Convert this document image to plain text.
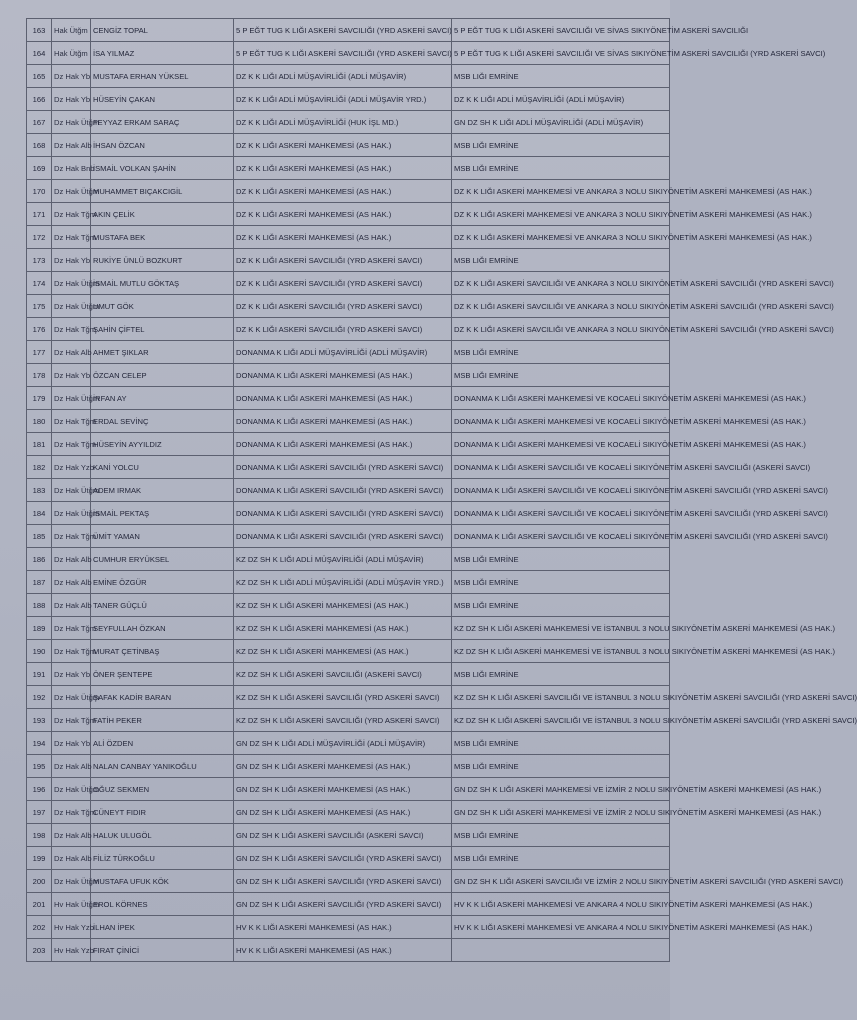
163	Hak Ütğm	CENGİZ TOPAL	5 P EĞT TUG K LIĞI ASKERİ SAVCILIĞI (YRD ASKERİ SAVCI)	5 P EĞT TUG K LIĞI ASKERİ SAVCILIĞI VE SİVAS SIKIYÖNETİM ASKERİ SAVCILIĞI
164	Hak Ütğm	İSA YILMAZ	5 P EĞT TUG K LIĞI ASKERİ SAVCILIĞI (YRD ASKERİ SAVCI)	5 P EĞT TUG K LIĞI ASKERİ SAVCILIĞI VE SİVAS SIKIYÖNETİM ASKERİ SAVCILIĞI (YRD ASKERİ SAVCI)
165	Dz Hak Yb	MUSTAFA ERHAN YÜKSEL	DZ K K LIĞI ADLİ MÜŞAVİRLİĞİ (ADLİ MÜŞAVİR)	MSB LIĞI EMRİNE
166	Dz Hak Yb	HÜSEYİN ÇAKAN	DZ K K LIĞI ADLİ MÜŞAVİRLİĞİ (ADLİ MÜŞAVİR YRD.)	DZ K K LIĞI ADLİ MÜŞAVİRLİĞİ (ADLİ MÜŞAVİR)
167	Dz Hak Ütğm	FEYYAZ ERKAM SARAÇ	DZ K K LIĞI ADLİ MÜŞAVİRLİĞİ (HUK İŞL MD.)	GN DZ SH K LIĞI ADLİ MÜŞAVİRLİĞİ (ADLİ MÜŞAVİR)
168	Dz Hak Alb	İHSAN ÖZCAN	DZ K K LIĞI ASKERİ MAHKEMESİ (AS HAK.)	MSB LIĞI EMRİNE
169	Dz Hak Bnb	İSMAİL VOLKAN ŞAHİN	DZ K K LIĞI ASKERİ MAHKEMESİ (AS HAK.)	MSB LIĞI EMRİNE
170	Dz Hak Ütğm	MUHAMMET BIÇAKCIGİL	DZ K K LIĞI ASKERİ MAHKEMESİ (AS HAK.)	DZ K K LIĞI ASKERİ MAHKEMESİ VE ANKARA 3 NOLU SIKIYÖNETİM ASKERİ MAHKEMESİ (AS HAK.)
171	Dz Hak Tğm	AKIN ÇELİK	DZ K K LIĞI ASKERİ MAHKEMESİ (AS HAK.)	DZ K K LIĞI ASKERİ MAHKEMESİ VE ANKARA 3 NOLU SIKIYÖNETİM ASKERİ MAHKEMESİ (AS HAK.)
172	Dz Hak Tğm	MUSTAFA BEK	DZ K K LIĞI ASKERİ MAHKEMESİ (AS HAK.)	DZ K K LIĞI ASKERİ MAHKEMESİ VE ANKARA 3 NOLU SIKIYÖNETİM ASKERİ MAHKEMESİ (AS HAK.)
173	Dz Hak Yb	RUKİYE ÜNLÜ BOZKURT	DZ K K LIĞI ASKERİ SAVCILIĞI (YRD ASKERİ SAVCI)	MSB LIĞI EMRİNE
174	Dz Hak Ütğm	İSMAİL MUTLU GÖKTAŞ	DZ K K LIĞI ASKERİ SAVCILIĞI (YRD ASKERİ SAVCI)	DZ K K LIĞI ASKERİ SAVCILIĞI VE ANKARA 3 NOLU SIKIYÖNETİM ASKERİ SAVCILIĞI (YRD ASKERİ SAVCI)
175	Dz Hak Ütğm	UMUT GÖK	DZ K K LIĞI ASKERİ SAVCILIĞI (YRD ASKERİ SAVCI)	DZ K K LIĞI ASKERİ SAVCILIĞI VE ANKARA 3 NOLU SIKIYÖNETİM ASKERİ SAVCILIĞI (YRD ASKERİ SAVCI)
176	Dz Hak Tğm	ŞAHİN ÇİFTEL	DZ K K LIĞI ASKERİ SAVCILIĞI (YRD ASKERİ SAVCI)	DZ K K LIĞI ASKERİ SAVCILIĞI VE ANKARA 3 NOLU SIKIYÖNETİM ASKERİ SAVCILIĞI (YRD ASKERİ SAVCI)
177	Dz Hak Alb	AHMET ŞIKLAR	DONANMA K LIĞI ADLİ MÜŞAVİRLİĞİ (ADLİ MÜŞAVİR)	MSB LIĞI EMRİNE
178	Dz Hak Yb	ÖZCAN CELEP	DONANMA K LIĞI ASKERİ MAHKEMESİ (AS HAK.)	MSB LIĞI EMRİNE
179	Dz Hak Ütğm	İRFAN AY	DONANMA K LIĞI ASKERİ MAHKEMESİ (AS HAK.)	DONANMA K LIĞI ASKERİ MAHKEMESİ VE KOCAELİ SIKIYÖNETİM ASKERİ MAHKEMESİ (AS HAK.)
180	Dz Hak Tğm	ERDAL SEVİNÇ	DONANMA K LIĞI ASKERİ MAHKEMESİ (AS HAK.)	DONANMA K LIĞI ASKERİ MAHKEMESİ VE KOCAELİ SIKIYÖNETİM ASKERİ MAHKEMESİ (AS HAK.)
181	Dz Hak Tğm	HÜSEYİN AYYILDIZ	DONANMA K LIĞI ASKERİ MAHKEMESİ (AS HAK.)	DONANMA K LIĞI ASKERİ MAHKEMESİ VE KOCAELİ SIKIYÖNETİM ASKERİ MAHKEMESİ (AS HAK.)
182	Dz Hak Yzb	KANİ YOLCU	DONANMA K LIĞI ASKERİ SAVCILIĞI (YRD ASKERİ SAVCI)	DONANMA K LIĞI ASKERİ SAVCILIĞI VE KOCAELİ SIKIYÖNETİM ASKERİ SAVCILIĞI (ASKERİ SAVCI)
183	Dz Hak Ütğm	ADEM IRMAK	DONANMA K LIĞI ASKERİ SAVCILIĞI (YRD ASKERİ SAVCI)	DONANMA K LIĞI ASKERİ SAVCILIĞI VE KOCAELİ SIKIYÖNETİM ASKERİ SAVCILIĞI (YRD ASKERİ SAVCI)
184	Dz Hak Ütğm	İSMAİL PEKTAŞ	DONANMA K LIĞI ASKERİ SAVCILIĞI (YRD ASKERİ SAVCI)	DONANMA K LIĞI ASKERİ SAVCILIĞI VE KOCAELİ SIKIYÖNETİM ASKERİ SAVCILIĞI (YRD ASKERİ SAVCI)
185	Dz Hak Tğm	ÜMİT YAMAN	DONANMA K LIĞI ASKERİ SAVCILIĞI (YRD ASKERİ SAVCI)	DONANMA K LIĞI ASKERİ SAVCILIĞI VE KOCAELİ SIKIYÖNETİM ASKERİ SAVCILIĞI (YRD ASKERİ SAVCI)
186	Dz Hak Alb	CUMHUR ERYÜKSEL	KZ DZ SH K LIĞI ADLİ MÜŞAVİRLİĞİ (ADLİ MÜŞAVİR)	MSB LIĞI EMRİNE
187	Dz Hak Alb	EMİNE ÖZGÜR	KZ DZ SH K LIĞI ADLİ MÜŞAVİRLİĞİ (ADLİ MÜŞAVİR YRD.)	MSB LIĞI EMRİNE
188	Dz Hak Alb	TANER GÜÇLÜ	KZ DZ SH K LIĞI ASKERİ MAHKEMESİ (AS HAK.)	MSB LIĞI EMRİNE
189	Dz Hak Tğm	SEYFULLAH ÖZKAN	KZ DZ SH K LIĞI ASKERİ MAHKEMESİ (AS HAK.)	KZ DZ SH K LIĞI ASKERİ MAHKEMESİ VE İSTANBUL 3 NOLU SIKIYÖNETİM ASKERİ MAHKEMESİ (AS HAK.)
190	Dz Hak Tğm	MURAT ÇETİNBAŞ	KZ DZ SH K LIĞI ASKERİ MAHKEMESİ (AS HAK.)	KZ DZ SH K LIĞI ASKERİ MAHKEMESİ VE İSTANBUL 3 NOLU SIKIYÖNETİM ASKERİ MAHKEMESİ (AS HAK.)
191	Dz Hak Yb	ÖNER ŞENTEPE	KZ DZ SH K LIĞI ASKERİ SAVCILIĞI (ASKERİ SAVCI)	MSB LIĞI EMRİNE
192	Dz Hak Ütğm	ŞAFAK KADİR BARAN	KZ DZ SH K LIĞI ASKERİ SAVCILIĞI (YRD ASKERİ SAVCI)	KZ DZ SH K LIĞI ASKERİ SAVCILIĞI VE İSTANBUL 3 NOLU SIKIYÖNETİM ASKERİ SAVCILIĞI (YRD ASKERİ SAVCI)
193	Dz Hak Tğm	FATİH PEKER	KZ DZ SH K LIĞI ASKERİ SAVCILIĞI (YRD ASKERİ SAVCI)	KZ DZ SH K LIĞI ASKERİ SAVCILIĞI VE İSTANBUL 3 NOLU SIKIYÖNETİM ASKERİ SAVCILIĞI (YRD ASKERİ SAVCI)
194	Dz Hak Yb	ALİ ÖZDEN	GN DZ SH K LIĞI ADLİ MÜŞAVİRLİĞİ (ADLİ MÜŞAVİR)	MSB LIĞI EMRİNE
195	Dz Hak Alb	NALAN CANBAY YANIKOĞLU	GN DZ SH K LIĞI ASKERİ MAHKEMESİ (AS HAK.)	MSB LIĞI EMRİNE
196	Dz Hak Ütğm	OĞUZ SEKMEN	GN DZ SH K LIĞI ASKERİ MAHKEMESİ (AS HAK.)	GN DZ SH K LIĞI ASKERİ MAHKEMESİ VE İZMİR 2 NOLU SIKIYÖNETİM ASKERİ MAHKEMESİ (AS HAK.)
197	Dz Hak Tğm	CÜNEYT FIDIR	GN DZ SH K LIĞI ASKERİ MAHKEMESİ (AS HAK.)	GN DZ SH K LIĞI ASKERİ MAHKEMESİ VE İZMİR 2 NOLU SIKIYÖNETİM ASKERİ MAHKEMESİ (AS HAK.)
198	Dz Hak Alb	HALUK ULUGÖL	GN DZ SH K LIĞI ASKERİ SAVCILIĞI (ASKERİ SAVCI)	MSB LIĞI EMRİNE
199	Dz Hak Alb	FİLİZ TÜRKOĞLU	GN DZ SH K LIĞI ASKERİ SAVCILIĞI (YRD ASKERİ SAVCI)	MSB LIĞI EMRİNE
200	Dz Hak Ütğm	MUSTAFA UFUK KÖK	GN DZ SH K LIĞI ASKERİ SAVCILIĞI (YRD ASKERİ SAVCI)	GN DZ SH K LIĞI ASKERİ SAVCILIĞI VE İZMİR 2 NOLU SIKIYÖNETİM ASKERİ SAVCILIĞI (YRD ASKERİ SAVCI)
201	Hv Hak Ütğm	EROL KÖRNES	GN DZ SH K LIĞI ASKERİ SAVCILIĞI (YRD ASKERİ SAVCI)	HV K K LIĞI ASKERİ MAHKEMESİ VE ANKARA 4 NOLU SIKIYÖNETİM ASKERİ MAHKEMESİ (AS HAK.)
202	Hv Hak Yzb	İLHAN İPEK	HV K K LIĞI ASKERİ MAHKEMESİ (AS HAK.)	HV K K LIĞI ASKERİ MAHKEMESİ VE ANKARA 4 NOLU SIKIYÖNETİM ASKERİ MAHKEMESİ (AS HAK.)
203	Hv Hak Yzb	FIRAT ÇİNİCİ	HV K K LIĞI ASKERİ MAHKEMESİ (AS HAK.)	
